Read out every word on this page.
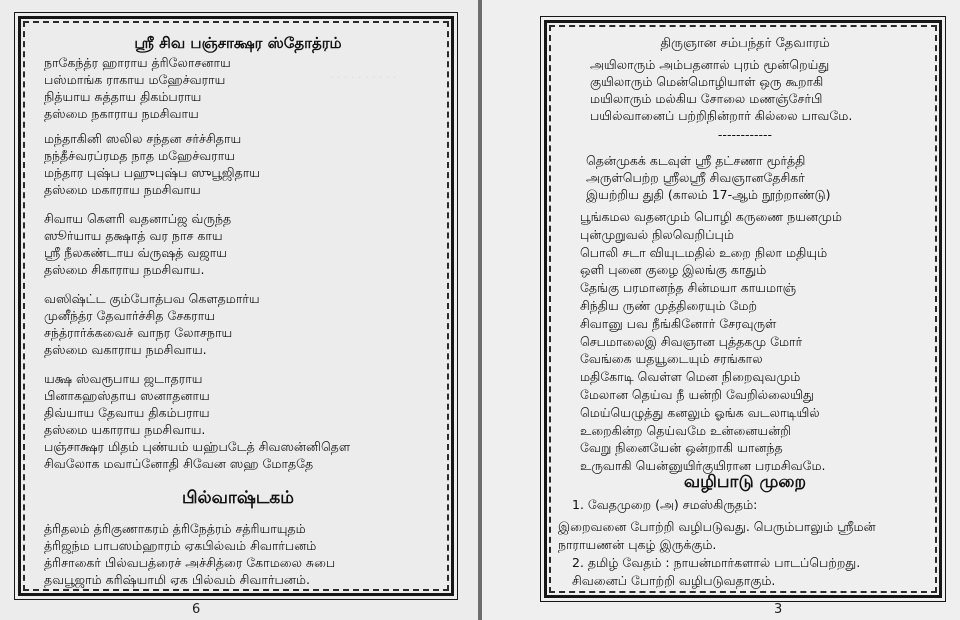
· · · · · · · · · ·
ஸ்ரீ சிவ பஞ்சாக்ஷர ஸ்தோத்ரம்
நாகேந்த்ர ஹாராய த்ரிலோசனாய
பஸ்மாங்க ராகாய மஹேச்வராய
நித்யாய சுத்தாய திகம்பராய
தஸ்மை நகாராய நமசிவாய
மந்தாகினி ஸலில சந்தன சர்ச்சிதாய
நந்தீச்வரப்ரமத நாத மஹேச்வராய
மந்தார புஷ்ப பஹுபுஷ்ப ஸுபூஜிதாய
தஸ்மை மகாராய நமசிவாய
சிவாய கௌரி வதனாப்ஜ வ்ருந்த
ஸூர்யாய தக்ஷாத் வர நாச காய
ஸ்ரீ நீலகண்டாய வ்ருஷத் வஜாய
தஸ்மை சிகாராய நமசிவாய.
வஸிஷ்ட்ட கும்போத்பவ கௌதமார்ய
முனீந்த்ர தேவார்ச்சித சேகராய
சந்த்ரார்க்கவைச் வாநர லோசநாய
தஸ்மை வகாராய நமசிவாய.
யக்ஷ ஸ்வரூபாய ஜடாதராய
பினாகஹஸ்தாய ஸனாதனாய
திவ்யாய தேவாய திகம்பராய
தஸ்மை யகாராய நமசிவாய.
பஞ்சாக்ஷர மிதம் புண்யம் யஹ்படேத் சிவஸன்னிதௌ
சிவலோக மவாப்னோதி சிவேன ஸஹ மோததே
பில்வாஷ்டகம்
த்ரிதலம் த்ரிகுணாகரம் த்ரிநேத்ரம் சத்ரியாயுதம்
த்ரிஜந்ம பாபஸம்ஹாரம் ஏகபில்வம் சிவார்பனம்
த்ரிசாகைர் பில்வபத்ரைச் அச்சித்ரை கோமலை சுபை
தவபூஜாம் கரிஷ்யாமி ஏக பில்வம் சிவார்பனம்.
6
திருஞான சம்பந்தர் தேவாரம்
அயிலாரும் அம்பதனால் புரம் மூன்றெய்து
குயிலாரும் மென்மொழியாள் ஒரு கூறாகி
மயிலாரும் மல்கிய சோலை மணஞ்சேர்பி
பயில்வானைப் பற்றிநின்றார் கில்லை பாவமே.
------------
தென்முகக் கடவுள் ஸ்ரீ தட்சணா மூர்த்தி
அருள்பெற்ற ஸ்ரீலஸ்ரீ சிவஞானதேசிகர்
இயற்றிய துதி (காலம் 17-ஆம் நூற்றாண்டு)
பூங்கமல வதனமும் பொழி கருணை நயனமும்
புன்முறுவல் நிலவெறிப்பும்
பொலி சடா வியுடமதில் உறை நிலா மதியும்
ஒளி புனை குழை இலங்கு காதும்
தேங்கு பரமானந்த சின்மயா காயமாஞ்
சிந்திய ருண் முத்திரையும் மேற்
சிவானு பவ நீங்கினோர் சேரவுருள்
செபமாலைஇ சிவஞான புத்தகமு மோர்
வேங்கை யதயூடையும் சரங்கால
மதிகோடி வெள்ள மென நிறைவுவமும்
மேலான தெய்வ நீ யன்றி வேறில்லையிது
மெய்யெழுத்து கனலும் ஓங்க வடலாடியில்
உறைகின்ற தெய்வமே உன்னையன்றி
வேறு நினையேன் ஒன்றாகி யானந்த
உருவாகி யென்னுயிர்குயிரான பரமசிவமே.
வழிபாடு முறை
1. வேதமுறை (அ) சமஸ்கிருதம்:
இறைவனை போற்றி வழிபடுவது. பெரும்பாலும் ஸ்ரீமன்
நாராயணன் புகழ் இருக்கும்.
2. தமிழ் வேதம் : நாயன்மார்களால் பாடப்பெற்றது.
சிவனைப் போற்றி வழிபடுவதாகும்.
3
